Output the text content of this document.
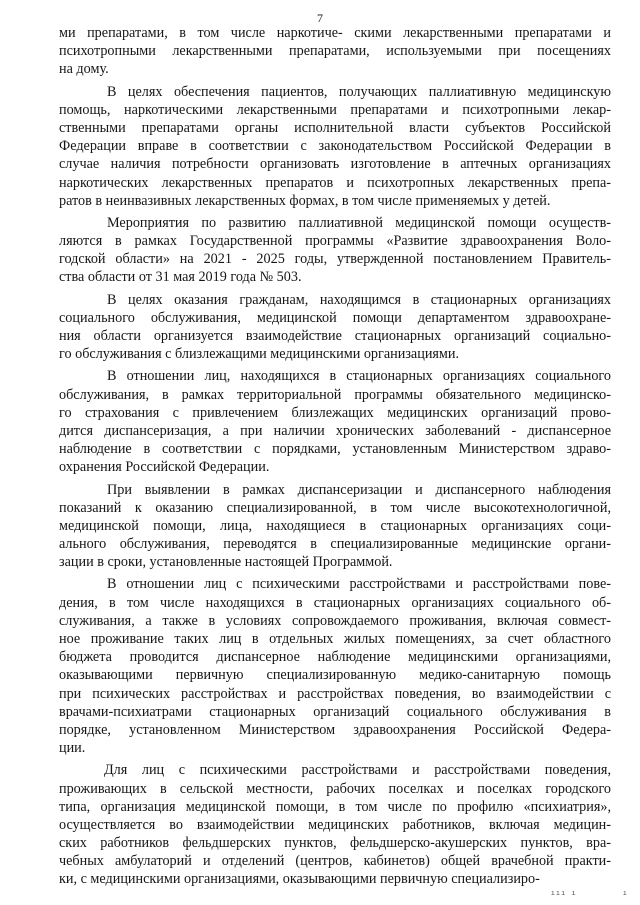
7
ми препаратами, в том числе наркотиче- скими лекарственными препаратами и
психотропными лекарственными препаратами, используемыми при посещениях
на дому.
В целях обеспечения пациентов, получающих паллиативную медицинскую
помощь, наркотическими лекарственными препаратами и психотропными лекар-
ственными препаратами органы исполнительной власти субъектов Российской
Федерации вправе в соответствии с законодательством Российской Федерации в
случае наличия потребности организовать изготовление в аптечных организациях
наркотических лекарственных препаратов и психотропных лекарственных препа-
ратов в неинвазивных лекарственных формах, в том числе применяемых у детей.
Мероприятия по развитию паллиативной медицинской помощи осуществ-
ляются в рамках Государственной программы «Развитие здравоохранения Воло-
годской области» на 2021 - 2025 годы, утвержденной постановлением Правитель-
ства области от 31 мая 2019 года № 503.
В целях оказания гражданам, находящимся в стационарных организациях
социального обслуживания, медицинской помощи департаментом здравоохране-
ния области организуется взаимодействие стационарных организаций социально-
го обслуживания с близлежащими медицинскими организациями.
В отношении лиц, находящихся в стационарных организациях социального
обслуживания, в рамках территориальной программы обязательного медицинско-
го страхования с привлечением близлежащих медицинских организаций прово-
дится диспансеризация, а при наличии хронических заболеваний - диспансерное
наблюдение в соответствии с порядками, установленным Министерством здраво-
охранения Российской Федерации.
При выявлении в рамках диспансеризации и диспансерного наблюдения
показаний к оказанию специализированной, в том числе высокотехнологичной,
медицинской помощи, лица, находящиеся в стационарных организациях соци-
ального обслуживания, переводятся в специализированные медицинские органи-
зации в сроки, установленные настоящей Программой.
В отношении лиц с психическими расстройствами и расстройствами пове-
дения, в том числе находящихся в стационарных организациях социального об-
служивания, а также в условиях сопровождаемого проживания, включая совмест-
ное проживание таких лиц в отдельных жилых помещениях, за счет областного
бюджета проводится диспансерное наблюдение медицинскими организациями,
оказывающими первичную специализированную медико-санитарную помощь
при психических расстройствах и расстройствах поведения, во взаимодействии с
врачами-психиатрами стационарных организаций социального обслуживания в
порядке, установленном Министерством здравоохранения Российской Федера-
ции.
Для лиц с психическими расстройствами и расстройствами поведения,
проживающих в сельской местности, рабочих поселках и поселках городского
типа, организация медицинской помощи, в том числе по профилю «психиатрия»,
осуществляется во взаимодействии медицинских работников, включая медицин-
ских работников фельдшерских пунктов, фельдшерско-акушерских пунктов, вра-
чебных амбулаторий и отделений (центров, кабинетов) общей врачебной практи-
ки, с медицинскими организациями, оказывающими первичную специализиро-
ııı ı	ı
